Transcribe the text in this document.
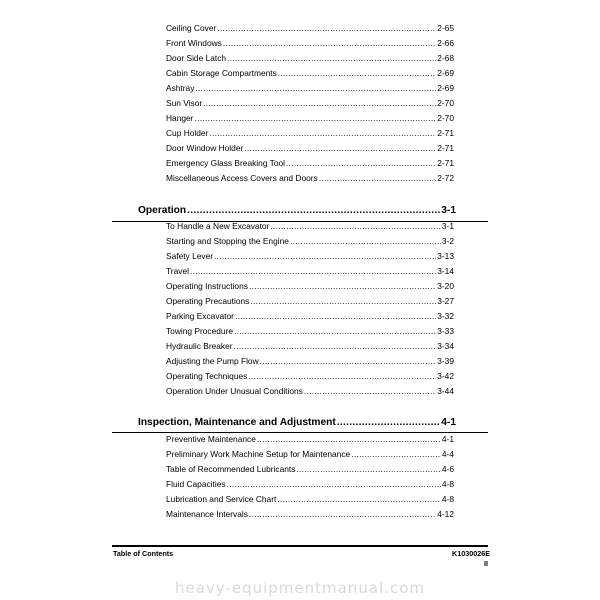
Ceiling Cover .....	2-65
Front Windows .....	2-66
Door Side Latch .....	2-68
Cabin Storage Compartments .....	2-69
Ashtray .....	2-69
Sun Visor .....	2-70
Hanger .....	2-70
Cup Holder .....	2-71
Door Window Holder .....	2-71
Emergency Glass Breaking Tool .....	2-71
Miscellaneous Access Covers and Doors .....	2-72
Operation .....	3-1
To Handle a New Excavator .....	3-1
Starting and Stopping the Engine .....	3-2
Safety Lever .....	3-13
Travel .....	3-14
Operating Instructions .....	3-20
Operating Precautions .....	3-27
Parking Excavator .....	3-32
Towing Procedure .....	3-33
Hydraulic Breaker .....	3-34
Adjusting the Pump Flow .....	3-39
Operating Techniques .....	3-42
Operation Under Unusual Conditions .....	3-44
Inspection, Maintenance and Adjustment .....	4-1
Preventive Maintenance .....	4-1
Preliminary Work Machine Setup for Maintenance .....	4-4
Table of Recommended Lubricants .....	4-6
Fluid Capacities .....	4-8
Lubrication and Service Chart .....	4-8
Maintenance Intervals .....	4-12
Table of Contents	K1030026E
II
heavy-equipmentmanual.com
